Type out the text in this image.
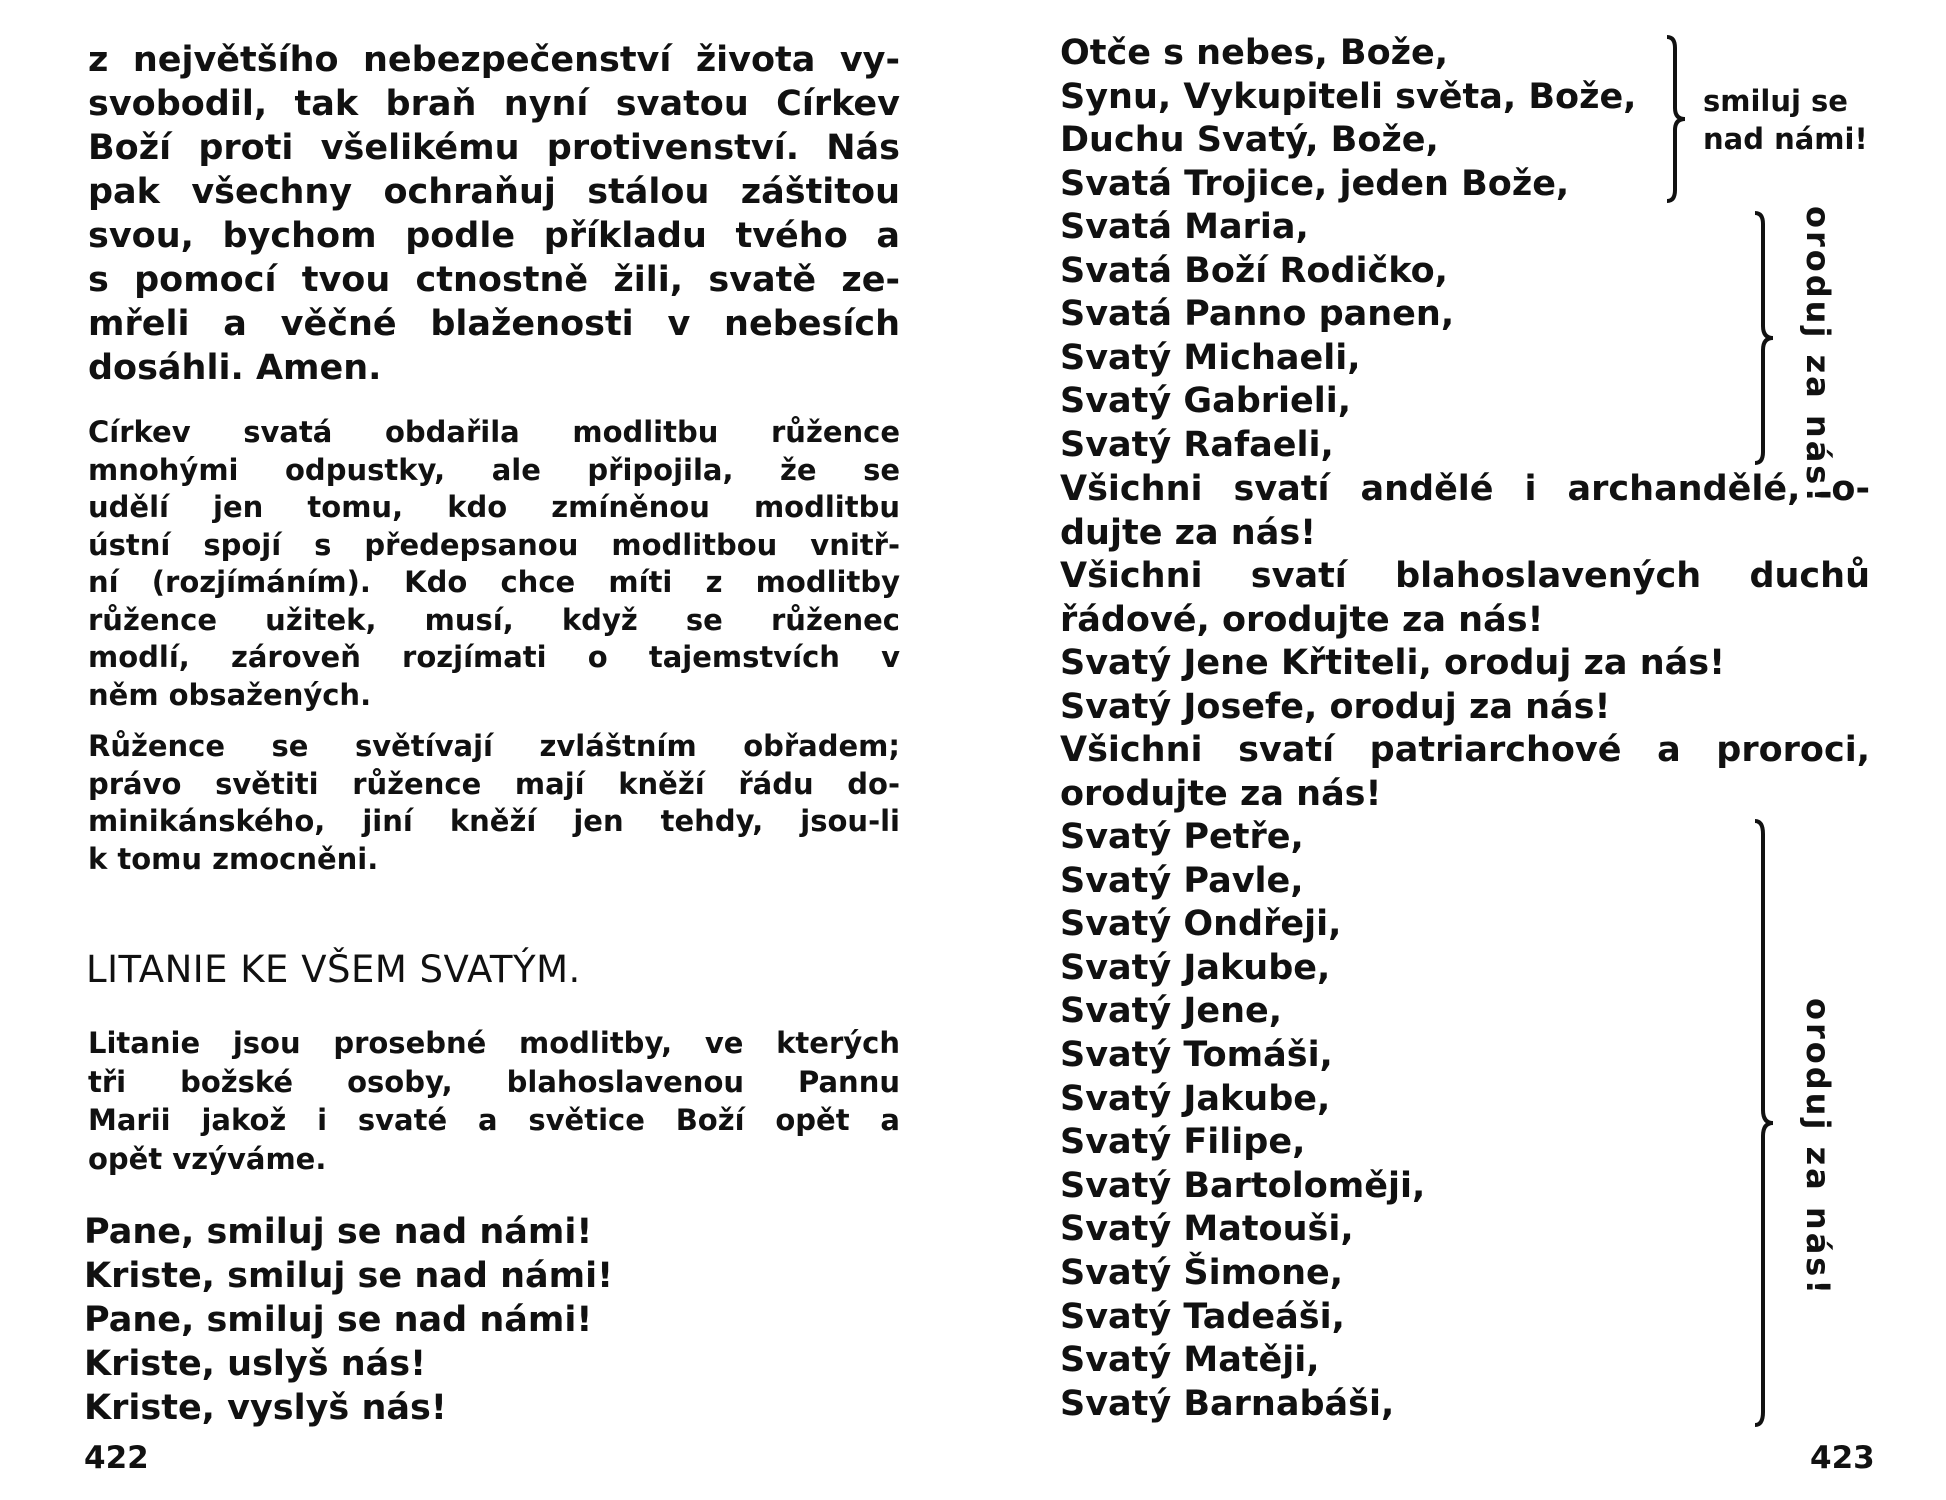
z největšího nebezpečenství života vy-
svobodil, tak braň nyní svatou Církev
Boží proti všelikému protivenství. Nás
pak všechny ochraňuj stálou záštitou
svou, bychom podle příkladu tvého a
s pomocí tvou ctnostně žili, svatě ze-
mřeli a věčné blaženosti v nebesích
dosáhli. Amen.

Církev svatá obdařila modlitbu růžence
mnohými odpustky, ale připojila, že se
udělí jen tomu, kdo zmíněnou modlitbu
ústní spojí s předepsanou modlitbou vnitř-
ní (rozjímáním). Kdo chce míti z modlitby
růžence užitek, musí, když se růženec
modlí, zároveň rozjímati o tajemstvích v
něm obsažených.

Růžence se světívají zvláštním obřadem;
právo světiti růžence mají kněží řádu do-
minikánského, jiní kněží jen tehdy, jsou-li
k tomu zmocněni.

LITANIE KE VŠEM SVATÝM.

Litanie jsou prosebné modlitby, ve kterých
tři božské osoby, blahoslavenou Pannu
Marii jakož i svaté a světice Boží opět a
opět vzýváme.

Pane, smiluj se nad námi!
Kriste, smiluj se nad námi!
Pane, smiluj se nad námi!
Kriste, uslyš nás!
Kriste, vyslyš nás!

422

Otče s nebes, Bože,
Synu, Vykupiteli světa, Bože,
Duchu Svatý, Bože,
Svatá Trojice, jeden Bože,

smiluj se
nad námi!

Svatá Maria,
Svatá Boží Rodičko,
Svatá Panno panen,
Svatý Michaeli,
Svatý Gabrieli,
Svatý Rafaeli,	oroduj za nás!

Všichni svatí andělé i archandělé, o-
dujte za nás!

Všichni svatí blahoslavených duchů
řádové, orodujte za nás!

Svatý Jene Křtiteli, oroduj za nás!

Svatý Josefe, oroduj za nás!

Všichni svatí patriarchové a proroci,
orodujte za nás!

Svatý Petře,
Svatý Pavle,
Svatý Ondřeji,
Svatý Jakube,
Svatý Jene,
Svatý Tomáši,
Svatý Jakube,
Svatý Filipe,
Svatý Bartoloměji,
Svatý Matouši,
Svatý Šimone,
Svatý Tadeáši,
Svatý Matěji,
Svatý Barnabáši,

oroduj za nás!

423
